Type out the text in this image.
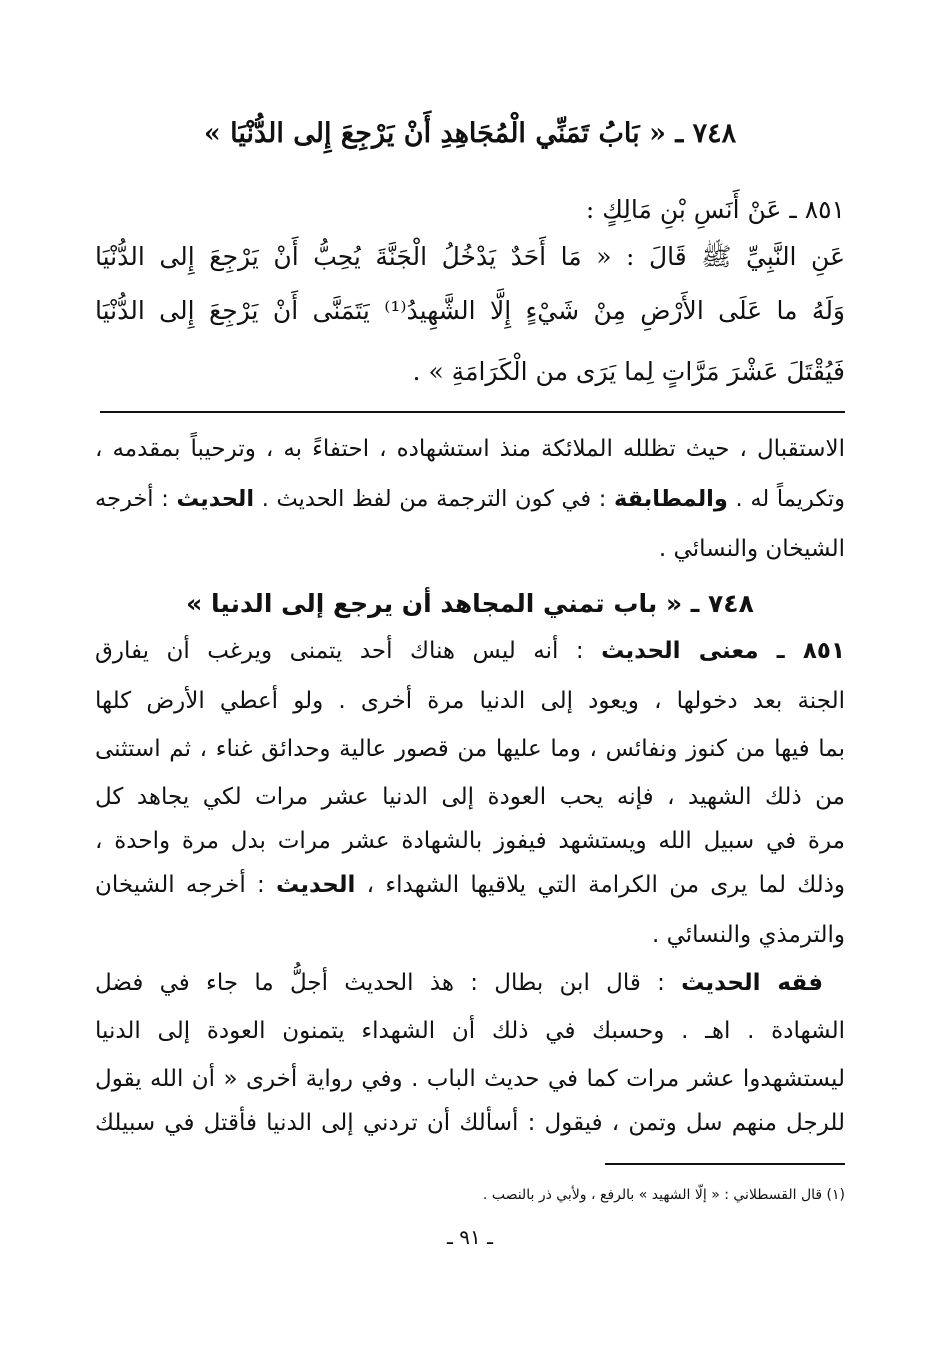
٧٤٨ ـ « بَابُ تَمَنِّي الْمُجَاهِدِ أَنْ يَرْجِعَ إِلى الدُّنْيَا »
٨٥١ ـ عَنْ أَنَسِ بْنِ مَالِكٍ :
عَنِ النَّبِيِّ ﷺ قَالَ : « مَا أَحَدٌ يَدْخُلُ الْجَنَّةَ يُحِبُّ أَنْ يَرْجِعَ إِلى الدُّنْيَا
وَلَهُ ما عَلَى الأَرْضِ مِنْ شَيْءٍ إِلَّا الشَّهِيدُ⁽¹⁾ يَتَمَنَّى أَنْ يَرْجِعَ إِلى الدُّنْيَا
فَيُقْتَلَ عَشْرَ مَرَّاتٍ لِما يَرَى من الْكَرَامَةِ » .
الاستقبال ، حيث تظلله الملائكة منذ استشهاده ، احتفاءً به ، وترحيباً بمقدمه ،
وتكريماً له . والمطابقة : في كون الترجمة من لفظ الحديث . الحديث : أخرجه
الشيخان والنسائي .
٧٤٨ ـ « باب تمني المجاهد أن يرجع إلى الدنيا »
٨٥١ ـ معنى الحديث : أنه ليس هناك أحد يتمنى ويرغب أن يفارق
الجنة بعد دخولها ، ويعود إلى الدنيا مرة أخرى . ولو أعطي الأرض كلها
بما فيها من كنوز ونفائس ، وما عليها من قصور عالية وحدائق غناء ، ثم استثنى
من ذلك الشهيد ، فإنه يحب العودة إلى الدنيا عشر مرات لكي يجاهد كل
مرة في سبيل الله ويستشهد فيفوز بالشهادة عشر مرات بدل مرة واحدة ،
وذلك لما يرى من الكرامة التي يلاقيها الشهداء ، الحديث : أخرجه الشيخان
والترمذي والنسائي .
فقه الحديث : قال ابن بطال : هذ الحديث أجلُّ ما جاء في فضل
الشهادة . اهـ . وحسبك في ذلك أن الشهداء يتمنون العودة إلى الدنيا
ليستشهدوا عشر مرات كما في حديث الباب . وفي رواية أخرى « أن الله يقول
للرجل منهم سل وتمن ، فيقول : أسألك أن تردني إلى الدنيا فأقتل في سبيلك
(١) قال القسطلاني : « إلّا الشهيد » بالرفع ، ولأبي ذر بالنصب .
ـ ٩١ ـ
